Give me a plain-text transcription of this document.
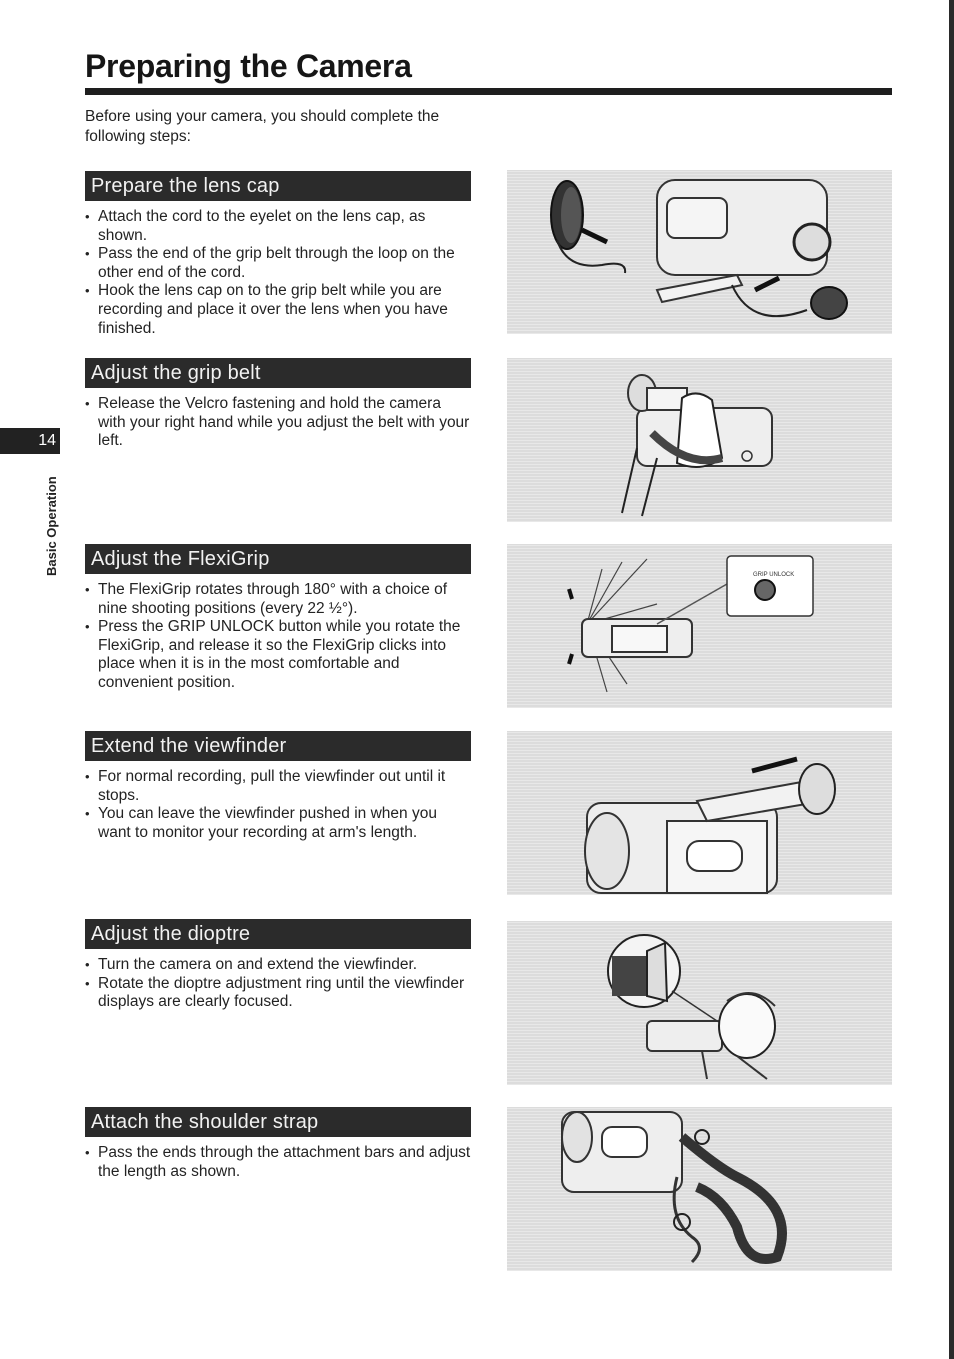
Preparing the Camera

Before using your camera, you should complete the following steps:

14
Basic Operation
Prepare the lens cap
• Attach the cord to the eyelet on the lens cap, as shown.
• Pass the end of the grip belt through the loop on the other end of the cord.
• Hook the lens cap on to the grip belt while you are recording and place it over the lens when you have finished.
Adjust the grip belt
• Release the Velcro fastening and hold the camera with your right hand while you adjust the belt with your left.
Adjust the FlexiGrip
• The FlexiGrip rotates through 180° with a choice of nine shooting positions (every 22 ½°).
• Press the GRIP UNLOCK button while you rotate the FlexiGrip, and release it so the FlexiGrip clicks into place when it is in the most comfortable and convenient position.
GRIP UNLOCK
Extend the viewfinder
• For normal recording, pull the viewfinder out until it stops.
• You can leave the viewfinder pushed in when you want to monitor your recording at arm's length.
Adjust the dioptre
• Turn the camera on and extend the viewfinder.
• Rotate the dioptre adjustment ring until the viewfinder displays are clearly focused.
Attach the shoulder strap
• Pass the ends through the attachment bars and adjust the length as shown.
